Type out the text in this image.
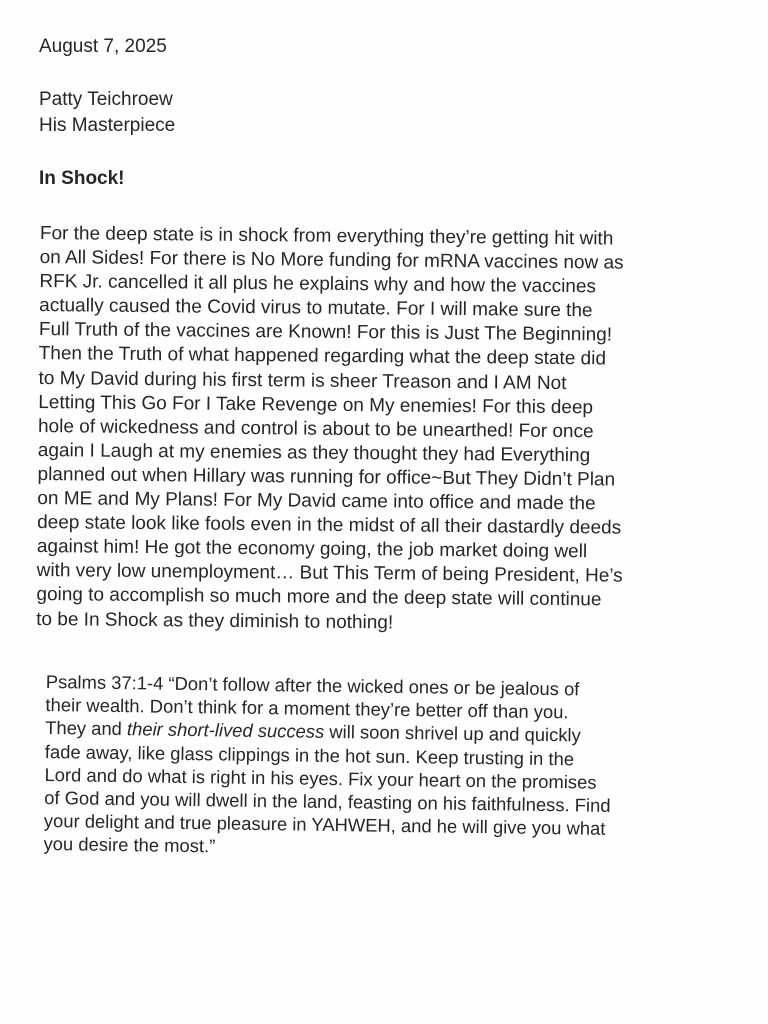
August 7, 2025

Patty Teichroew

His Masterpiece

In Shock!

For the deep state is in shock from everything they’re getting hit with
on All Sides! For there is No More funding for mRNA vaccines now as
RFK Jr. cancelled it all plus he explains why and how the vaccines
actually caused the Covid virus to mutate. For I will make sure the
Full Truth of the vaccines are Known! For this is Just The Beginning!
Then the Truth of what happened regarding what the deep state did
to My David during his first term is sheer Treason and I AM Not
Letting This Go For I Take Revenge on My enemies! For this deep
hole of wickedness and control is about to be unearthed! For once
again I Laugh at my enemies as they thought they had Everything
planned out when Hillary was running for office~But They Didn’t Plan
on ME and My Plans! For My David came into office and made the
deep state look like fools even in the midst of all their dastardly deeds
against him! He got the economy going, the job market doing well
with very low unemployment… But This Term of being President, He’s
going to accomplish so much more and the deep state will continue
to be In Shock as they diminish to nothing!

Psalms 37:1-4 “Don’t follow after the wicked ones or be jealous of
their wealth. Don’t think for a moment they’re better off than you.
They and their short-lived success will soon shrivel up and quickly
fade away, like glass clippings in the hot sun. Keep trusting in the
Lord and do what is right in his eyes. Fix your heart on the promises
of God and you will dwell in the land, feasting on his faithfulness. Find
your delight and true pleasure in YAHWEH, and he will give you what
you desire the most.”
